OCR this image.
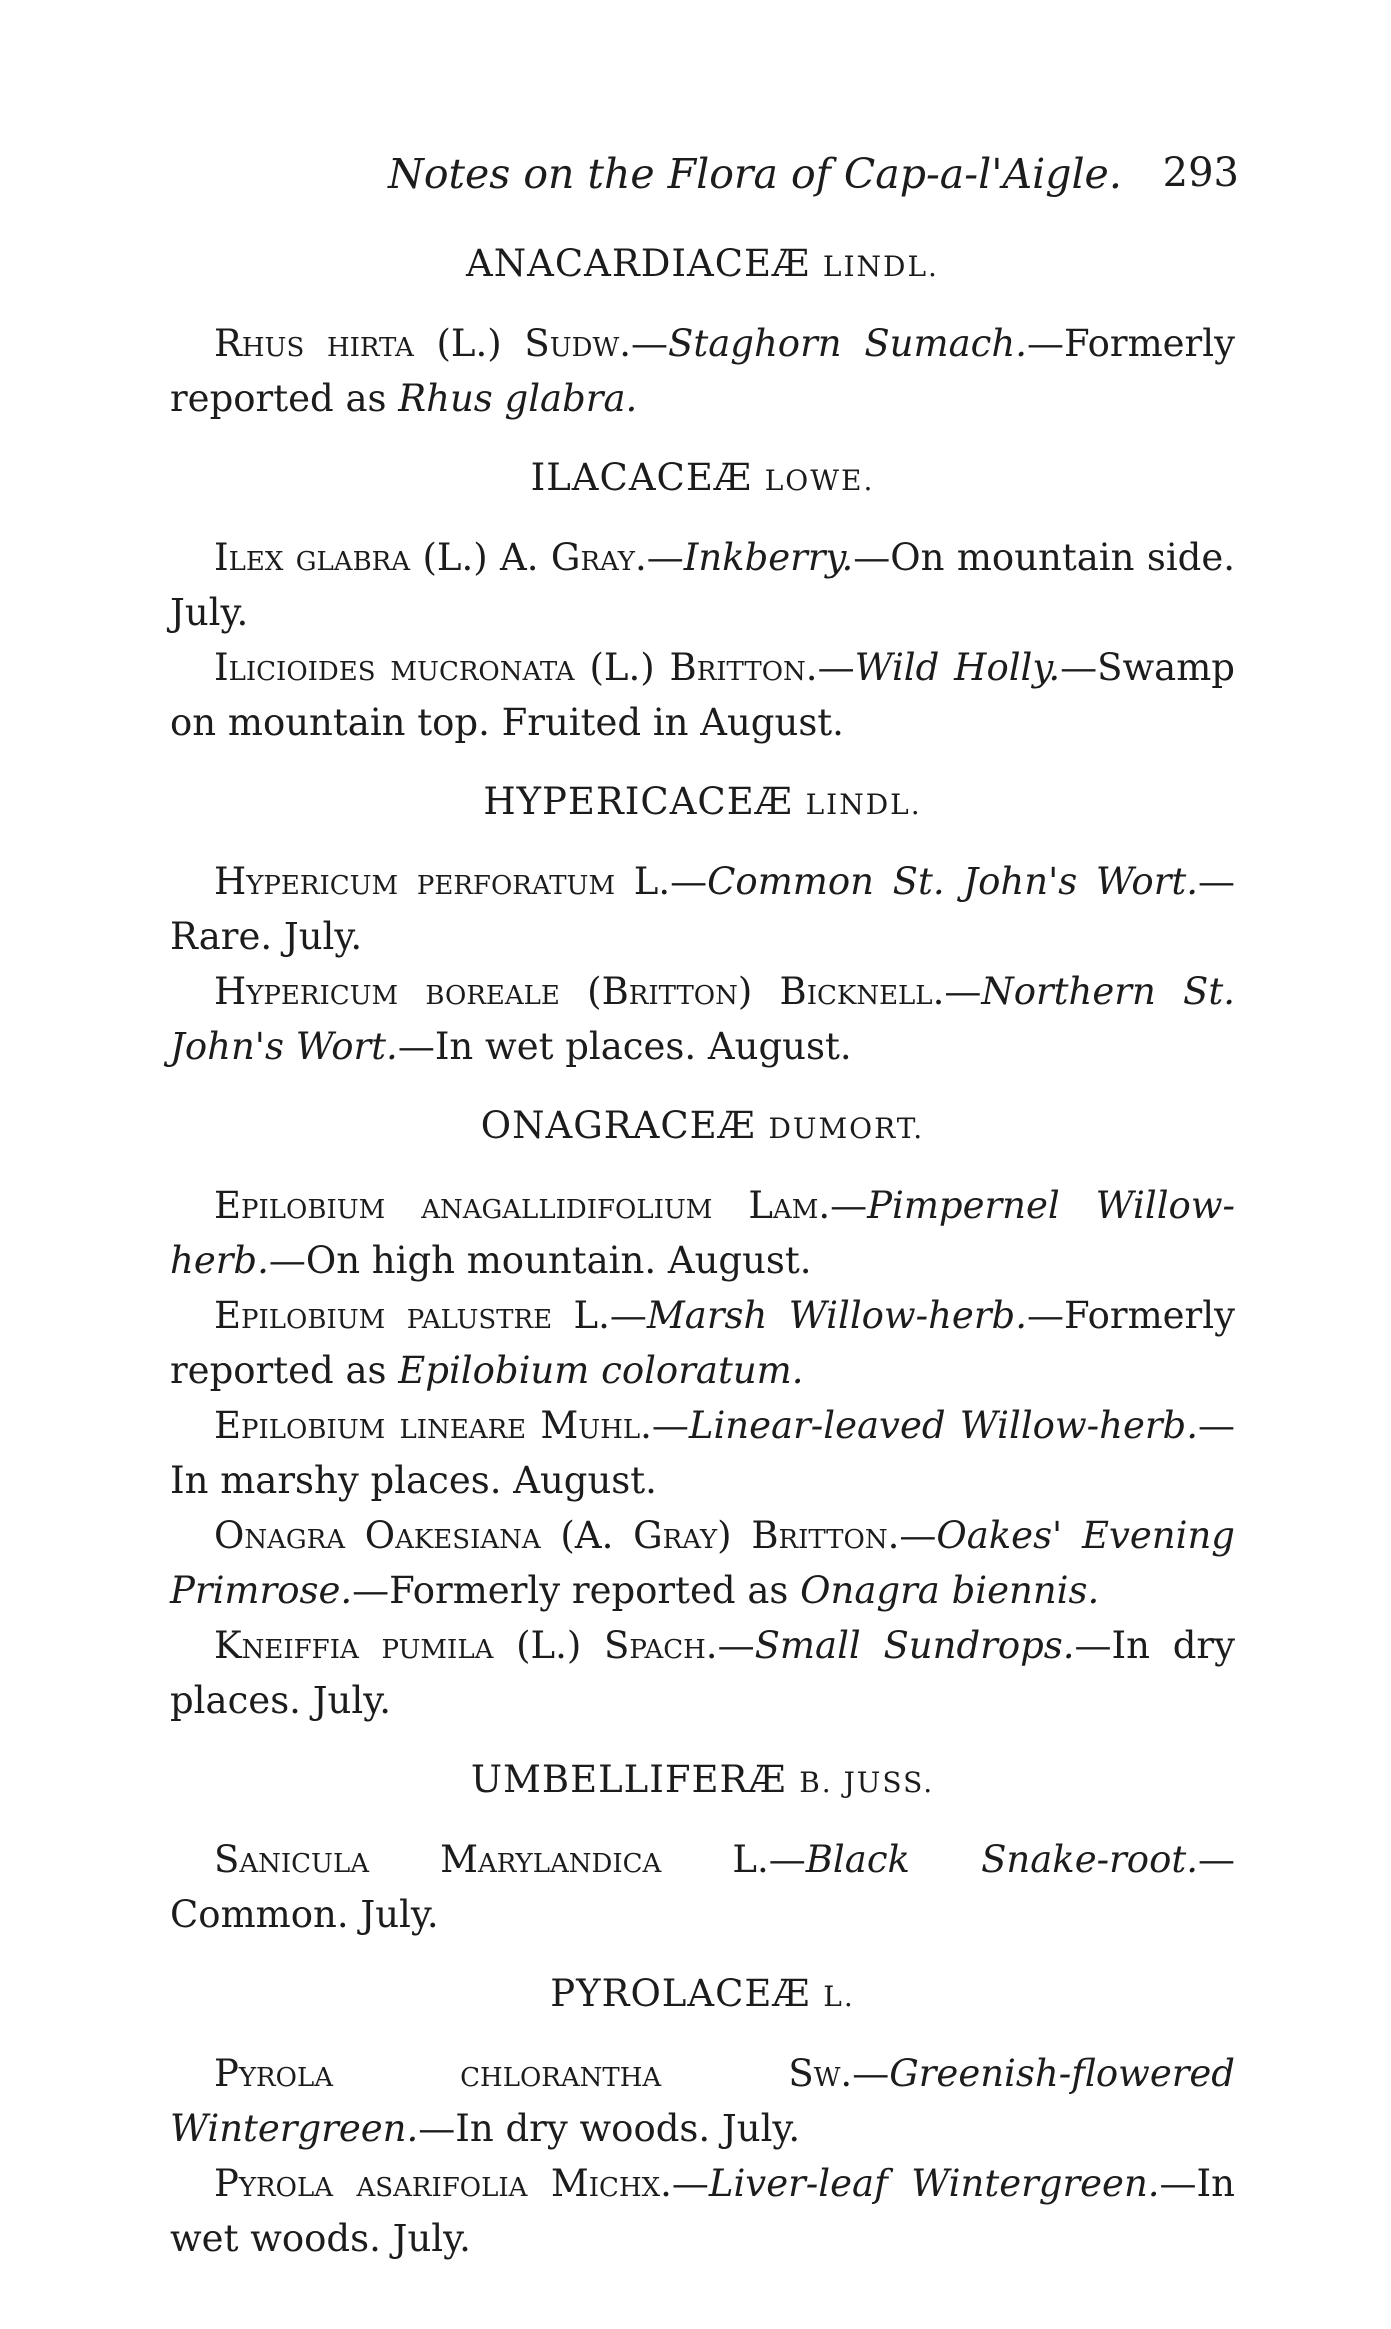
Notes on the Flora of Cap-a-l'Aigle. 293
ANACARDIACEÆ LINDL.

Rhus hirta (L.) Sudw.—Staghorn Sumach.—Formerly reported as Rhus glabra.

ILACACEÆ LOWE.

Ilex glabra (L.) A. Gray.—Inkberry.—On mountain side. July.

Ilicioides mucronata (L.) Britton.—Wild Holly.—Swamp on mountain top. Fruited in August.

HYPERICACEÆ LINDL.

Hypericum perforatum L.—Common St. John's Wort.—Rare. July.

Hypericum boreale (Britton) Bicknell.—Northern St. John's Wort.—In wet places. August.

ONAGRACEÆ DUMORT.

Epilobium anagallidifolium Lam.—Pimpernel Willow-herb.—On high mountain. August.

Epilobium palustre L.—Marsh Willow-herb.—Formerly reported as Epilobium coloratum.

Epilobium lineare Muhl.—Linear-leaved Willow-herb.—In marshy places. August.

Onagra Oakesiana (A. Gray) Britton.—Oakes' Evening Primrose.—Formerly reported as Onagra biennis.

Kneiffia pumila (L.) Spach.—Small Sundrops.—In dry places. July.

UMBELLIFERÆ B. JUSS.

Sanicula Marylandica L.—Black Snake-root.—Common. July.

PYROLACEÆ L.

Pyrola chlorantha	Sw.—Greenish-flowered Wintergreen.—In dry woods. July.

Pyrola asarifolia Michx.—Liver-leaf Wintergreen.—In wet woods. July.
